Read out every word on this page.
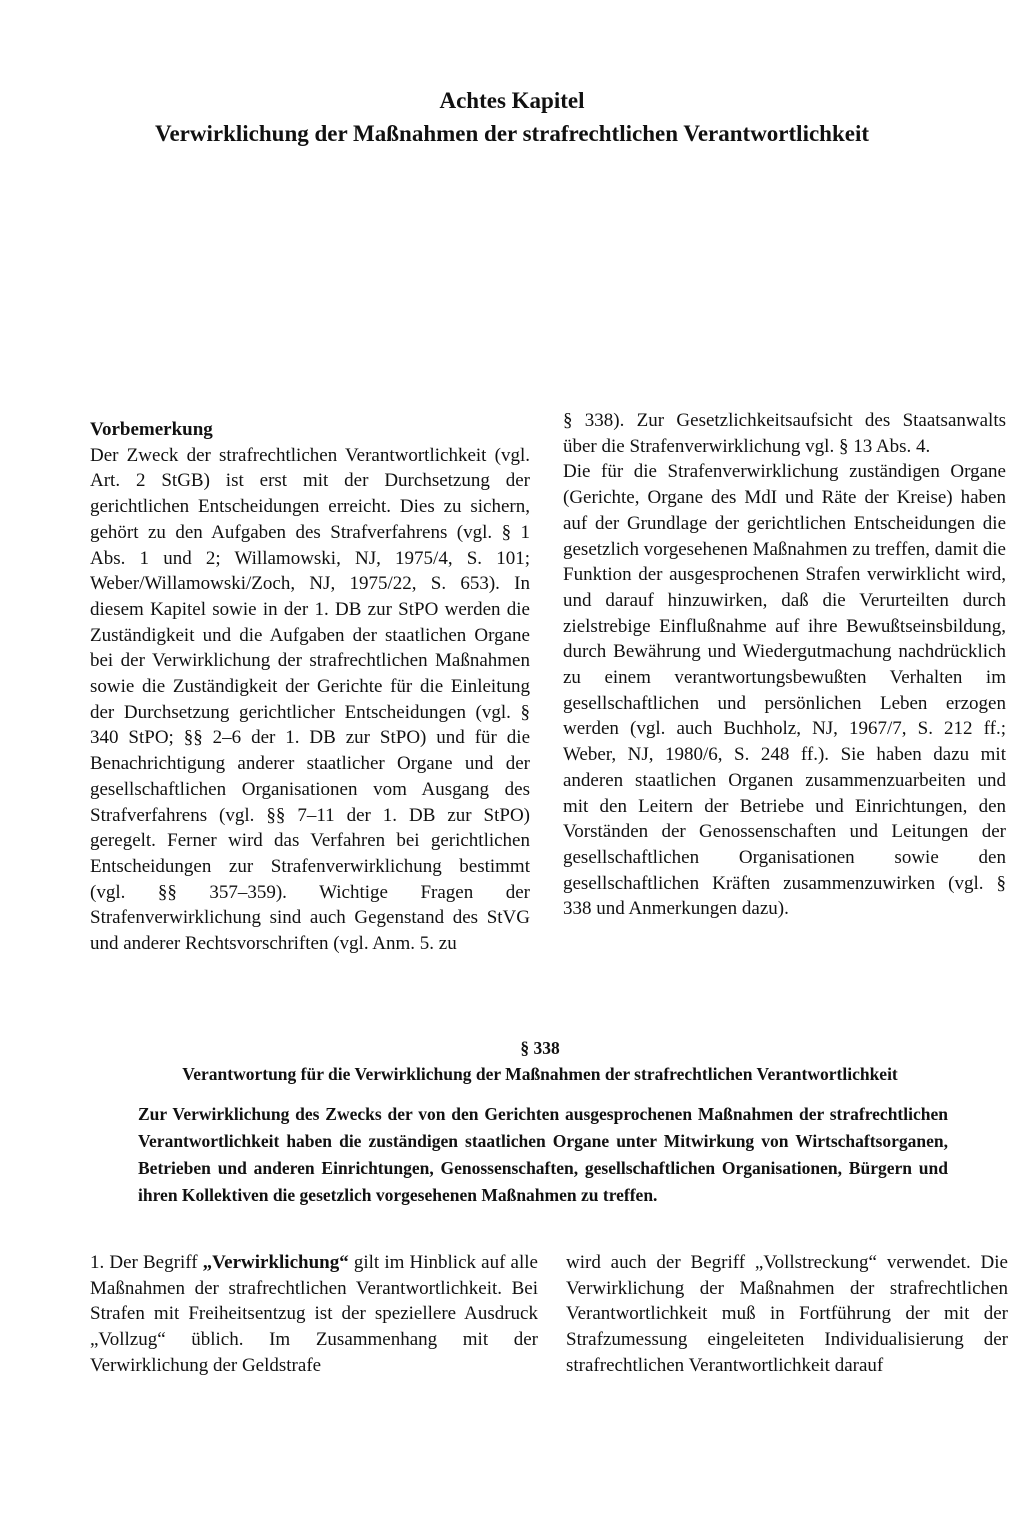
Achtes Kapitel
Verwirklichung der Maßnahmen der strafrechtlichen Verantwortlichkeit
Vorbemerkung

Der Zweck der strafrechtlichen Verantwortlichkeit (vgl. Art. 2 StGB) ist erst mit der Durchsetzung der gerichtlichen Entscheidungen erreicht. Dies zu sichern, gehört zu den Aufgaben des Strafverfahrens (vgl. § 1 Abs. 1 und 2; Willamowski, NJ, 1975/4, S. 101; Weber/Willamowski/Zoch, NJ, 1975/22, S. 653). In diesem Kapitel sowie in der 1. DB zur StPO werden die Zuständigkeit und die Aufgaben der staatlichen Organe bei der Verwirklichung der strafrechtlichen Maßnahmen sowie die Zuständigkeit der Gerichte für die Einleitung der Durchsetzung gerichtlicher Entscheidungen (vgl. § 340 StPO; §§ 2–6 der 1. DB zur StPO) und für die Benachrichtigung anderer staatlicher Organe und der gesellschaftlichen Organisationen vom Ausgang des Strafverfahrens (vgl. §§ 7–11 der 1. DB zur StPO) geregelt. Ferner wird das Verfahren bei gerichtlichen Entscheidungen zur Strafenverwirklichung bestimmt (vgl. §§ 357–359). Wichtige Fragen der Strafenverwirklichung sind auch Gegenstand des StVG und anderer Rechtsvorschriften (vgl. Anm. 5. zu

§ 338). Zur Gesetzlichkeitsaufsicht des Staatsanwalts über die Strafenverwirklichung vgl. § 13 Abs. 4.

Die für die Strafenverwirklichung zuständigen Organe (Gerichte, Organe des MdI und Räte der Kreise) haben auf der Grundlage der gerichtlichen Entscheidungen die gesetzlich vorgesehenen Maßnahmen zu treffen, damit die Funktion der ausgesprochenen Strafen verwirklicht wird, und darauf hinzuwirken, daß die Verurteilten durch zielstrebige Einflußnahme auf ihre Bewußtseinsbildung, durch Bewährung und Wiedergutmachung nachdrücklich zu einem verantwortungsbewußten Verhalten im gesellschaftlichen und persönlichen Leben erzogen werden (vgl. auch Buchholz, NJ, 1967/7, S. 212 ff.; Weber, NJ, 1980/6, S. 248 ff.). Sie haben dazu mit anderen staatlichen Organen zusammenzuarbeiten und mit den Leitern der Betriebe und Einrichtungen, den Vorständen der Genossenschaften und Leitungen der gesellschaftlichen Organisationen sowie den gesellschaftlichen Kräften zusammenzuwirken (vgl. § 338 und Anmerkungen dazu).

§ 338
Verantwortung für die Verwirklichung der Maßnahmen der strafrechtlichen Verantwortlichkeit
Zur Verwirklichung des Zwecks der von den Gerichten ausgesprochenen Maßnahmen der strafrechtlichen Verantwortlichkeit haben die zuständigen staatlichen Organe unter Mitwirkung von Wirtschaftsorganen, Betrieben und anderen Einrichtungen, Genossenschaften, gesellschaftlichen Organisationen, Bürgern und ihren Kollektiven die gesetzlich vorgesehenen Maßnahmen zu treffen.

1. Der Begriff „Verwirklichung“ gilt im Hinblick auf alle Maßnahmen der strafrechtlichen Verantwortlichkeit. Bei Strafen mit Freiheitsentzug ist der speziellere Ausdruck „Vollzug“ üblich. Im Zusammenhang mit der Verwirklichung der Geldstrafe

wird auch der Begriff „Vollstreckung“ verwendet. Die Verwirklichung der Maßnahmen der strafrechtlichen Verantwortlichkeit muß in Fortführung der mit der Strafzumessung eingeleiteten Individualisierung der strafrechtlichen Verantwortlichkeit darauf
